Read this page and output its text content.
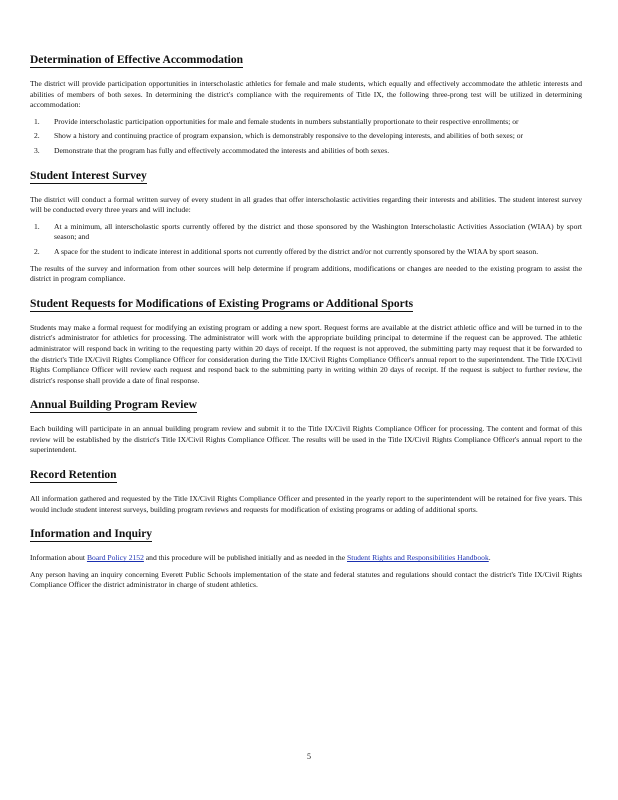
Determination of Effective Accommodation

The district will provide participation opportunities in interscholastic athletics for female and male students, which equally and effectively accommodate the athletic interests and abilities of members of both sexes. In determining the district's compliance with the requirements of Title IX, the following three-prong test will be utilized in determining accommodation:

1. Provide interscholastic participation opportunities for male and female students in numbers substantially proportionate to their respective enrollments; or
2. Show a history and continuing practice of program expansion, which is demonstrably responsive to the developing interests, and abilities of both sexes; or
3. Demonstrate that the program has fully and effectively accommodated the interests and abilities of both sexes.
Student Interest Survey

The district will conduct a formal written survey of every student in all grades that offer interscholastic activities regarding their interests and abilities. The student interest survey will be conducted every three years and will include:

1. At a minimum, all interscholastic sports currently offered by the district and those sponsored by the Washington Interscholastic Activities Association (WIAA) by sport season; and
2. A space for the student to indicate interest in additional sports not currently offered by the district and/or not currently sponsored by the WIAA by sport season.

The results of the survey and information from other sources will help determine if program additions, modifications or changes are needed to the existing program to assist the district in program compliance.

Student Requests for Modifications of Existing Programs or Additional Sports

Students may make a formal request for modifying an existing program or adding a new sport. Request forms are available at the district athletic office and will be turned in to the district's administrator for athletics for processing. The administrator will work with the appropriate building principal to determine if the request can be approved. The athletic administrator will respond back in writing to the requesting party within 20 days of receipt. If the request is not approved, the submitting party may request that it be forwarded to the district's Title IX/Civil Rights Compliance Officer for consideration during the Title IX/Civil Rights Compliance Officer's annual report to the superintendent. The Title IX/Civil Rights Compliance Officer will review each request and respond back to the submitting party in writing within 20 days of receipt. If the request is subject to further review, the district's response shall provide a date of final response.

Annual Building Program Review

Each building will participate in an annual building program review and submit it to the Title IX/Civil Rights Compliance Officer for processing. The content and format of this review will be established by the district's Title IX/Civil Rights Compliance Officer. The results will be used in the Title IX/Civil Rights Compliance Officer's annual report to the superintendent.

Record Retention

All information gathered and requested by the Title IX/Civil Rights Compliance Officer and presented in the yearly report to the superintendent will be retained for five years. This would include student interest surveys, building program reviews and requests for modification of existing programs or adding of additional sports.

Information and Inquiry

Information about Board Policy 2152 and this procedure will be published initially and as needed in the Student Rights and Responsibilities Handbook.

Any person having an inquiry concerning Everett Public Schools implementation of the state and federal statutes and regulations should contact the district's Title IX/Civil Rights Compliance Officer the district administrator in charge of student athletics.

5
